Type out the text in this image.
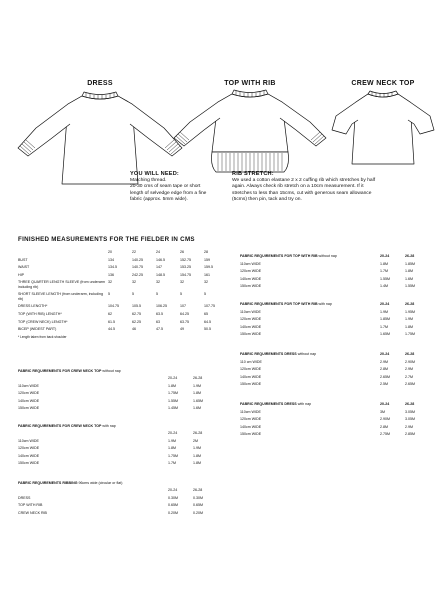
DRESS	TOP WITH RIB	CREW NECK TOP
YOU WILL NEED:
Matching thread.
20-30 cms of seam tape or short
length of selvedge edge from a fine
fabric (approx. 5mm wide).
RIB STRETCH:
We used a cotton elastane 2 x 2 cuffing rib which stretches by half
again. Always check rib stretch on a 10cm measurement. If it
stretches to less than 15cms, cut with generous seam allowance
(5cms) then pin, tack and try on.
FINISHED MEASUREMENTS FOR THE FIELDER IN CMS
	20	22	24	26	28
BUST	134	140.25	146.5	152.75	159
WAIST	134.5	140.75	147	153.25	159.5
HIP	136	242.25	148.5	154.75	161
THREE QUARTER LENGTH SLEEVE (from underarm including rib)	32	32	32	32	32
SHORT SLEEVE LENGTH (from underarm, including rib)	5	5	5	5	5
DRESS LENGTH*	104.75	105.5	106.25	107	107.75
TOP (WITH RIB) LENGTH*	62	62.75	63.5	64.25	65
TOP (CREW NECK) LENGTH*	61.5	62.25	63	63.75	64.5
BICEP (WIDEST PART)	44.5	46	47.5	49	50.5
* Length taken from back shoulder					
FABRIC REQUIREMENTS FOR CREW NECK TOP without nap
	20-24	26-28
110cm WIDE	1.8M	1.9M
120cm WIDE	1.75M	1.8M
140cm WIDE	1.55M	1.65M
150cm WIDE	1.45M	1.6M
FABRIC REQUIREMENTS FOR CREW NECK TOP with nap
	20-24	26-28
110cm WIDE	1.9M	2M
120cm WIDE	1.8M	1.9M
140cm WIDE	1.75M	1.8M
150cm WIDE	1.7M	1.8M
FABRIC REQUIREMENTS RIBBING 96cms wide (circular or flat)
	20-24	26-28
DRESS	0.30M	0.30M
TOP WITH RIB	0.65M	0.65M
CREW NECK RIB	0.20M	0.20M
FABRIC REQUIREMENTS FOR TOP WITH RIB without nap	20-24	26-28
110cm WIDE	1.8M	1.85M
120cm WIDE	1.7M	1.8M
140cm WIDE	1.55M	1.6M
150cm WIDE	1.4M	1.55M
FABRIC REQUIREMENTS FOR TOP WITH RIB with nap	20-24	26-28
110cm WIDE	1.9M	1.95M
120cm WIDE	1.85M	1.9M
140cm WIDE	1.7M	1.8M
150cm WIDE	1.65M	1.75M
FABRIC REQUIREMENTS DRESS without nap	20-24	26-28
110 cm WIDE	2.9M	2.90M
120cm WIDE	2.8M	2.9M
140cm WIDE	2.65M	2.7M
150cm WIDE	2.5M	2.65M
FABRIC REQUIREMENTS DRESS with nap	20-24	26-28
110cm WIDE	3M	3.05M
120cm WIDE	2.90M	3.05M
140cm WIDE	2.8M	2.9M
150cm WIDE	2.75M	2.85M
